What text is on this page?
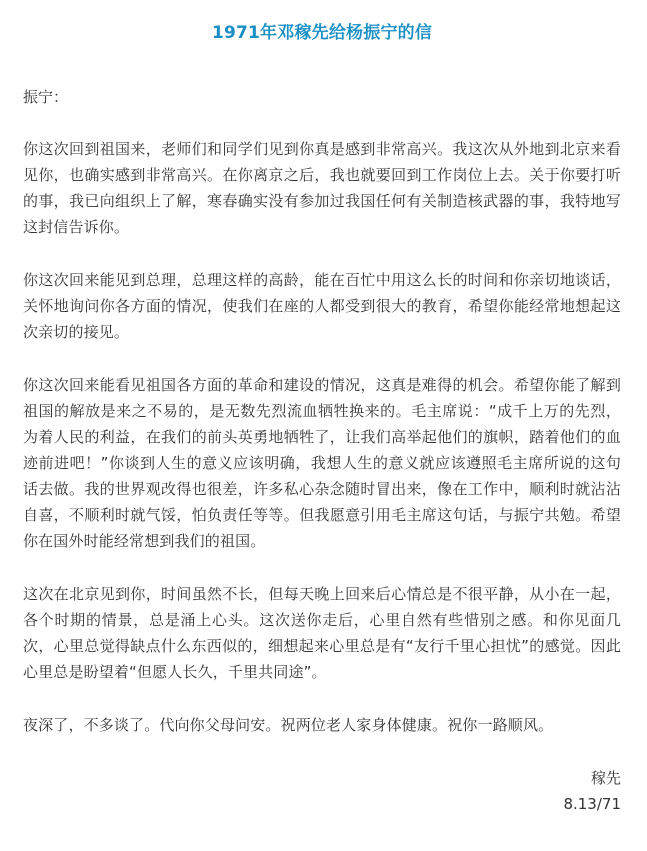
1971年邓稼先给杨振宁的信
振宁：
你这次回到祖国来，老师们和同学们见到你真是感到非常高兴。我这次从外地到北京来看见你，也确实感到非常高兴。在你离京之后，我也就要回到工作岗位上去。关于你要打听的事，我已向组织上了解，寒春确实没有参加过我国任何有关制造核武器的事，我特地写这封信告诉你。
你这次回来能见到总理，总理这样的高龄，能在百忙中用这么长的时间和你亲切地谈话，关怀地询问你各方面的情况，使我们在座的人都受到很大的教育，希望你能经常地想起这次亲切的接见。
你这次回来能看见祖国各方面的革命和建设的情况，这真是难得的机会。希望你能了解到祖国的解放是来之不易的，是无数先烈流血牺牲换来的。毛主席说：“成千上万的先烈，为着人民的利益，在我们的前头英勇地牺牲了，让我们高举起他们的旗帜，踏着他们的血迹前进吧！”你谈到人生的意义应该明确，我想人生的意义就应该遵照毛主席所说的这句话去做。我的世界观改得也很差，许多私心杂念随时冒出来，像在工作中，顺利时就沾沾自喜，不顺利时就气馁，怕负责任等等。但我愿意引用毛主席这句话，与振宁共勉。希望你在国外时能经常想到我们的祖国。
这次在北京见到你，时间虽然不长，但每天晚上回来后心情总是不很平静，从小在一起，各个时期的情景，总是涌上心头。这次送你走后，心里自然有些惜别之感。和你见面几次，心里总觉得缺点什么东西似的，细想起来心里总是有“友行千里心担忧”的感觉。因此心里总是盼望着“但愿人长久，千里共同途”。
夜深了，不多谈了。代向你父母问安。祝两位老人家身体健康。祝你一路顺风。
稼先
8.13/71
